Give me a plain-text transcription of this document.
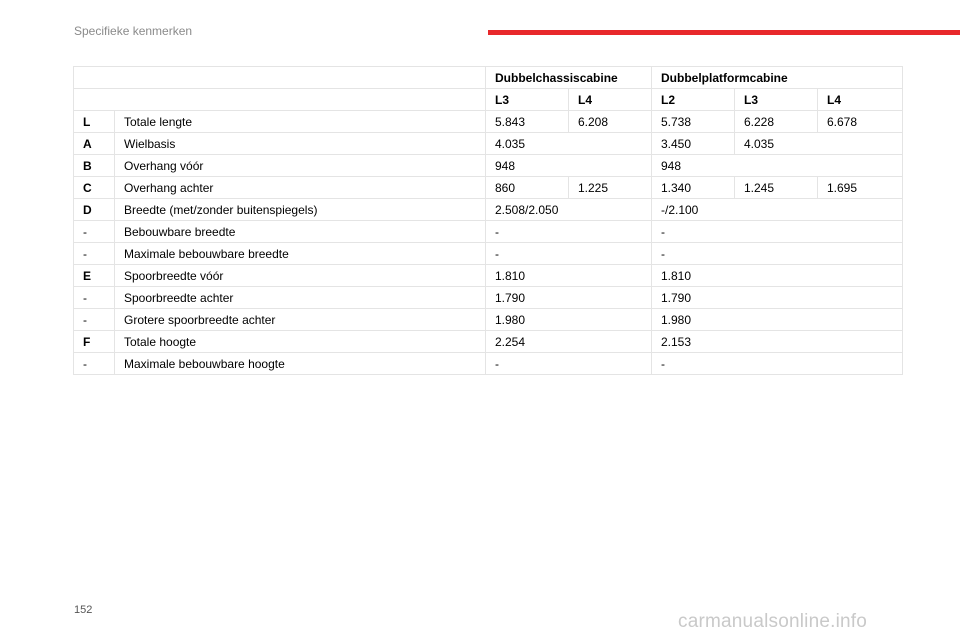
Specifieke kenmerken
		Dubbelchassiscabine		Dubbelplatformcabine		
		L3	L4	L2	L3	L4
L	Totale lengte	5.843	6.208	5.738	6.228	6.678
A	Wielbasis	4.035		3.450	4.035	
B	Overhang vóór	948		948		
C	Overhang achter	860	1.225	1.340	1.245	1.695
D	Breedte (met/zonder buitenspiegels)	2.508/2.050		-/2.100		
-	Bebouwbare breedte	-		-		
-	Maximale bebouwbare breedte	-		-		
E	Spoorbreedte vóór	1.810		1.810		
-	Spoorbreedte achter	1.790		1.790		
-	Grotere spoorbreedte achter	1.980		1.980		
F	Totale hoogte	2.254		2.153		
-	Maximale bebouwbare hoogte	-		-		
152
carmanualsonline.info
